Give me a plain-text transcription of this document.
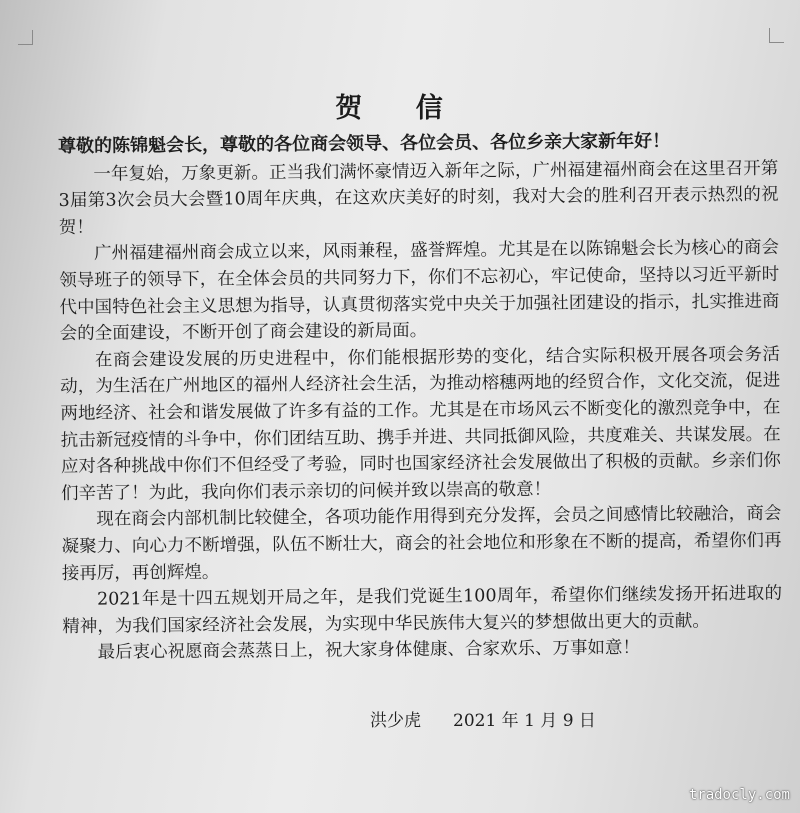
贺 信

尊敬的陈锦魁会长，尊敬的各位商会领导、各位会员、各位乡亲大家新年好！

一年复始，万象更新。正当我们满怀豪情迈入新年之际，广州福建福州商会在这里召开第3届第3次会员大会暨10周年庆典，在这欢庆美好的时刻，我对大会的胜利召开表示热烈的祝贺！

广州福建福州商会成立以来，风雨兼程，盛誉辉煌。尤其是在以陈锦魁会长为核心的商会领导班子的领导下，在全体会员的共同努力下，你们不忘初心，牢记使命，坚持以习近平新时代中国特色社会主义思想为指导，认真贯彻落实党中央关于加强社团建设的指示，扎实推进商会的全面建设，不断开创了商会建设的新局面。

在商会建设发展的历史进程中，你们能根据形势的变化，结合实际积极开展各项会务活动，为生活在广州地区的福州人经济社会生活，为推动榕穗两地的经贸合作，文化交流，促进两地经济、社会和谐发展做了许多有益的工作。尤其是在市场风云不断变化的激烈竞争中，在抗击新冠疫情的斗争中，你们团结互助、携手并进、共同抵御风险，共度难关、共谋发展。在应对各种挑战中你们不但经受了考验，同时也国家经济社会发展做出了积极的贡献。乡亲们你们辛苦了！为此，我向你们表示亲切的问候并致以崇高的敬意！

现在商会内部机制比较健全，各项功能作用得到充分发挥，会员之间感情比较融洽，商会凝聚力、向心力不断增强，队伍不断壮大，商会的社会地位和形象在不断的提高，希望你们再接再厉，再创辉煌。

2021年是十四五规划开局之年，是我们党诞生100周年，希望你们继续发扬开拓进取的精神，为我们国家经济社会发展，为实现中华民族伟大复兴的梦想做出更大的贡献。

最后衷心祝愿商会蒸蒸日上，祝大家身体健康、合家欢乐、万事如意！

洪少虎 2021 年 1 月 9 日
tradocly.com
